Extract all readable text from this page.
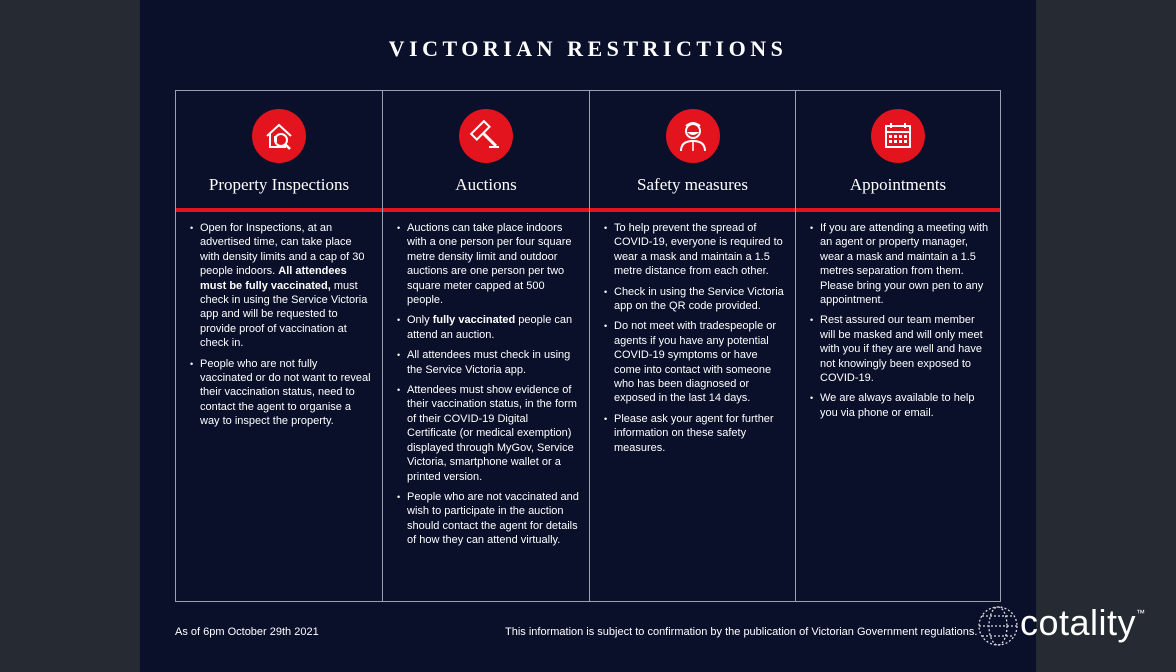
VICTORIAN RESTRICTIONS
Property Inspections
• Open for Inspections, at an advertised time, can take place with density limits and a cap of 30 people indoors. All attendees must be fully vaccinated, must check in using the Service Victoria app and will be requested to provide proof of vaccination at check in.
• People who are not fully vaccinated or do not want to reveal their vaccination status, need to contact the agent to organise a way to inspect the property.
Auctions
• Auctions can take place indoors with a one person per four square metre density limit and outdoor auctions are one person per two square meter capped at 500 people.
• Only fully vaccinated people can attend an auction.
• All attendees must check in using the Service Victoria app.
• Attendees must show evidence of their vaccination status, in the form of their COVID-19 Digital Certificate (or medical exemption) displayed through MyGov, Service Victoria, smartphone wallet or a printed version.
• People who are not vaccinated and wish to participate in the auction should contact the agent for details of how they can attend virtually.
Safety measures
• To help prevent the spread of COVID-19, everyone is required to wear a mask and maintain a 1.5 metre distance from each other.
• Check in using the Service Victoria app on the QR code provided.
• Do not meet with tradespeople or agents if you have any potential COVID-19 symptoms or have come into contact with someone who has been diagnosed or exposed in the last 14 days.
• Please ask your agent for further information on these safety measures.
Appointments
• If you are attending a meeting with an agent or property manager, wear a mask and maintain a 1.5 metres separation from them. Please bring your own pen to any appointment.
• Rest assured our team member will be masked and will only meet with you if they are well and have not knowingly been exposed to COVID-19.
• We are always available to help you via phone or email.
As of 6pm October 29th 2021	This information is subject to confirmation by the publication of Victorian Government regulations. cotality™
